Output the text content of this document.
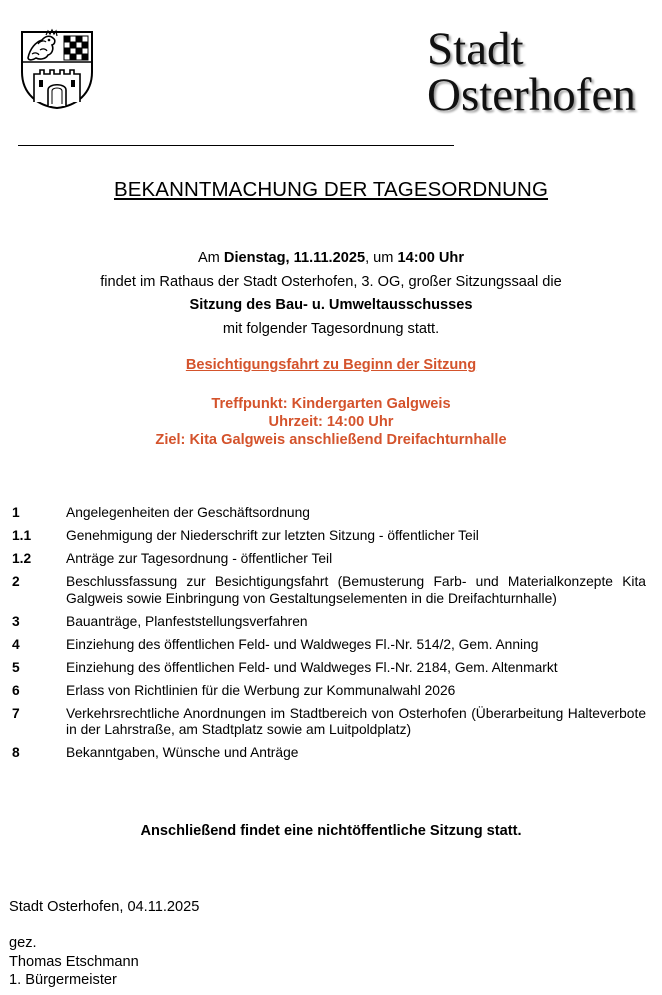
Stadt
Osterhofen
BEKANNTMACHUNG DER TAGESORDNUNG
Am Dienstag, 11.11.2025, um 14:00 Uhr
findet im Rathaus der Stadt Osterhofen, 3. OG, großer Sitzungssaal die
Sitzung des Bau- u. Umweltausschusses
mit folgender Tagesordnung statt.
Besichtigungsfahrt zu Beginn der Sitzung
Treffpunkt: Kindergarten Galgweis
Uhrzeit: 14:00 Uhr
Ziel: Kita Galgweis anschließend Dreifachturnhalle
1	Angelegenheiten der Geschäftsordnung
1.1	Genehmigung der Niederschrift zur letzten Sitzung - öffentlicher Teil
1.2	Anträge zur Tagesordnung - öffentlicher Teil
2	Beschlussfassung zur Besichtigungsfahrt (Bemusterung Farb- und Materialkonzepte Kita Galgweis sowie Einbringung von Gestaltungselementen in die Dreifachturnhalle)
3	Bauanträge, Planfeststellungsverfahren
4	Einziehung des öffentlichen Feld- und Waldweges Fl.-Nr. 514/2, Gem. Anning
5	Einziehung des öffentlichen Feld- und Waldweges Fl.-Nr. 2184, Gem. Altenmarkt
6	Erlass von Richtlinien für die Werbung zur Kommunalwahl 2026
7	Verkehrsrechtliche Anordnungen im Stadtbereich von Osterhofen (Überarbeitung Halteverbote in der Lahrstraße, am Stadtplatz sowie am Luitpoldplatz)
8	Bekanntgaben, Wünsche und Anträge
Anschließend findet eine nichtöffentliche Sitzung statt.
Stadt Osterhofen, 04.11.2025
gez.
Thomas Etschmann
1. Bürgermeister
